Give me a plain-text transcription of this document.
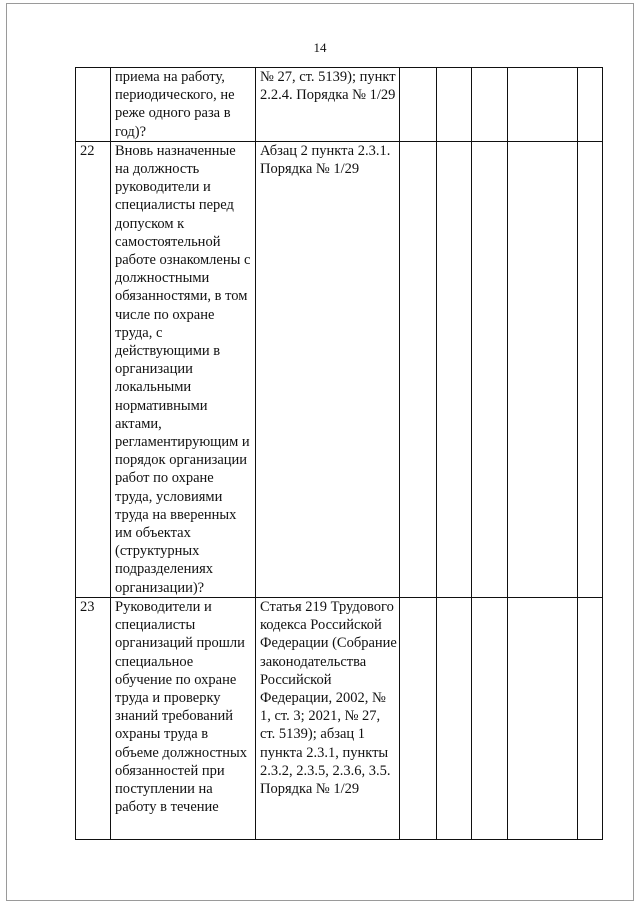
14
	приема на работу, периодического, не реже одного раза в год)?	№ 27, ст. 5139); пункт 2.2.4. Порядка № 1/29					
22	Вновь назначенные на должность руководители и специалисты перед допуском к самостоятельной работе ознакомлены с должностными обязанностями, в том числе по охране труда, с действующими в организации локальными нормативными актами, регламентирующим и порядок организации работ по охране труда, условиями труда на вверенных им объектах (структурных подразделениях организации)?	Абзац 2 пункта 2.3.1. Порядка № 1/29					
23	Руководители и специалисты организаций прошли специальное обучение по охране труда и проверку знаний требований охраны труда в объеме должностных обязанностей при поступлении на работу в течение	Статья 219 Трудового кодекса Российской Федерации (Собрание законодательства Российской Федерации, 2002, № 1, ст. 3; 2021, № 27, ст. 5139); абзац 1 пункта 2.3.1, пункты 2.3.2, 2.3.5, 2.3.6, 3.5. Порядка № 1/29					
